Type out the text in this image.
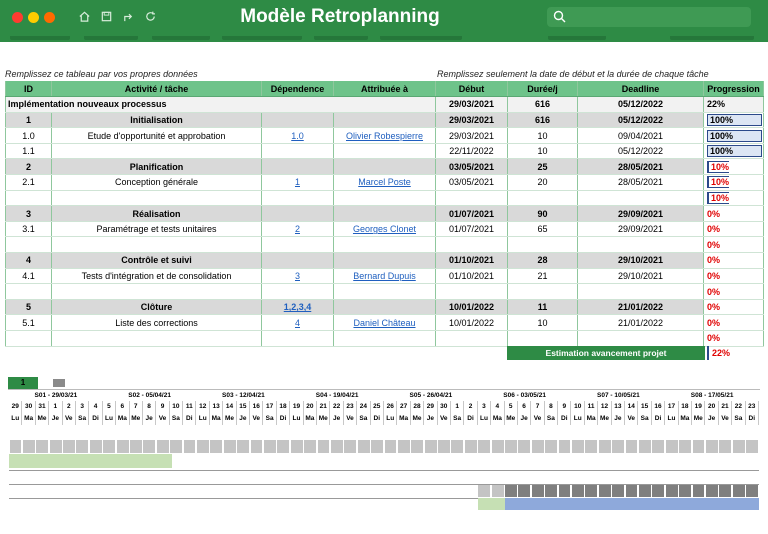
Modèle Retroplanning
Remplissez ce tableau par vos propres données	Remplissez seulement la date de début et la durée de chaque tâche
ID	Activité / tâche	Dépendence	Attribuée à	Début	Durée/j	Deadline	Progression
Implémentation nouveaux processus				29/03/2021	616	05/12/2022	22%
1	Initialisation			29/03/2021	616	05/12/2022	100%
1.0	Etude d'opportunité et approbation	1.0	Olivier Robespierre	29/03/2021	10	09/04/2021	100%
1.1				22/11/2022	10	05/12/2022	100%
2	Planification			03/05/2021	25	28/05/2021	10%
2.1	Conception générale	1	Marcel Poste	03/05/2021	20	28/05/2021	10%
							10%
3	Réalisation			01/07/2021	90	29/09/2021	0%
3.1	Paramétrage et tests unitaires	2	Georges Clonet	01/07/2021	65	29/09/2021	0%
							0%
4	Contrôle et suivi			01/10/2021	28	29/10/2021	0%
4.1	Tests d'intégration et de consolidation	3	Bernard Dupuis	01/10/2021	21	29/10/2021	0%
							0%
5	Clôture	1,2,3,4		10/01/2022	11	21/01/2022	0%
5.1	Liste des corrections	4	Daniel Château	10/01/2022	10	21/01/2022	0%
							0%
Estimation avancement projet	22%
1
S01 - 29/03/21	S02 - 05/04/21	S03 - 12/04/21	S04 - 19/04/21	S05 - 26/04/21	S06 - 03/05/21	S07 - 10/05/21	S08 - 17/05/21
29 30 31	1	2	3	4	5	6	7	8	9	10 11 12 13 14 15 16 17 18 19 20 21 22 23 24 25 26 27 28 29 30	1	2	3	4	5	6	7	8	9	10 11 12 13 14 15 16 17 18 19 20 21 22 23
Lu Ma Me Je Ve Sa Di Lu Ma Me Je Ve Sa Di Lu Ma Me Je Ve Sa Di Lu Ma Me Je Ve Sa Di Lu Ma Me Je Ve Sa Di Lu Ma Me Je Ve Sa Di Lu Ma Me Je Ve Sa Di Lu Ma Me Je Ve Sa Di
